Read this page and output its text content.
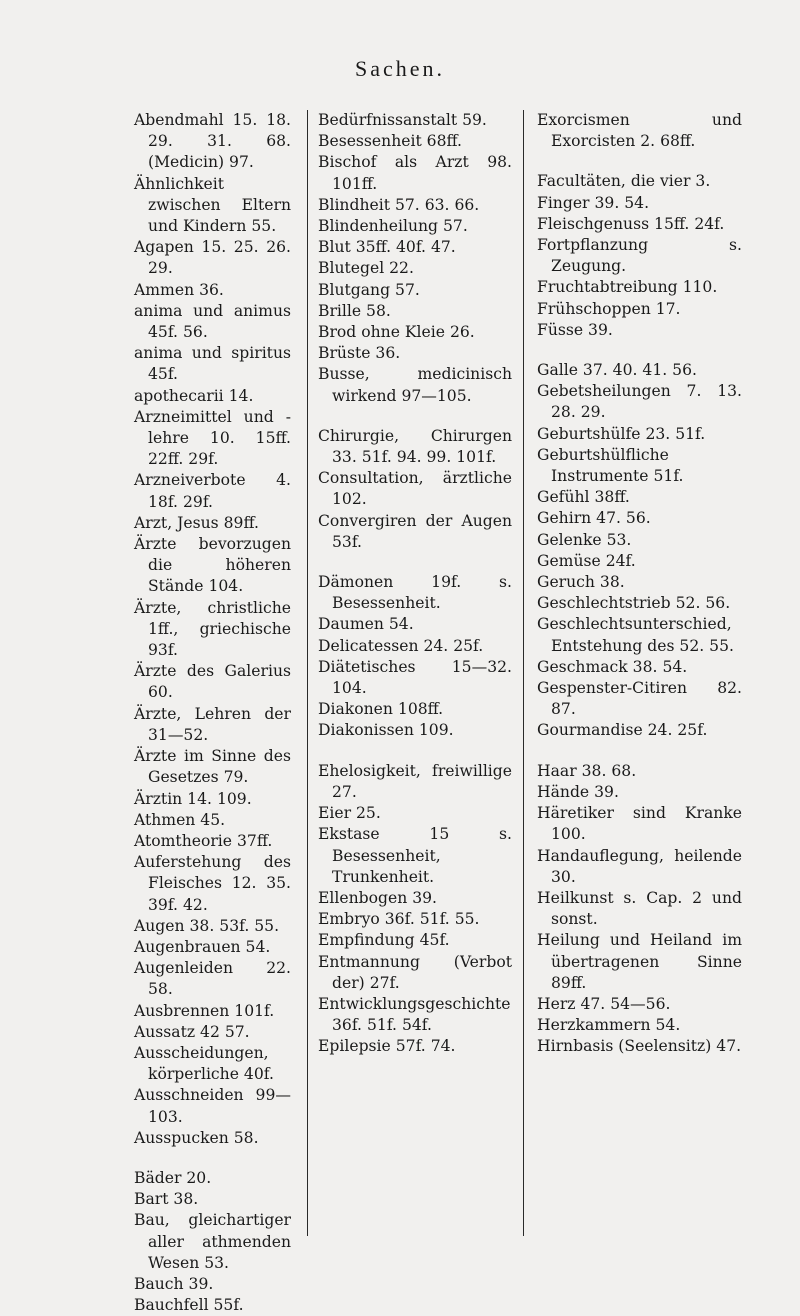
Sachen.
Abendmahl 15. 18. 29. 31. 68. (Medicin) 97.
Ähnlichkeit zwischen Eltern und Kindern 55.
Agapen 15. 25. 26. 29.
Ammen 36.
anima und animus 45f. 56.
anima und spiritus 45f.
apothecarii 14.
Arzneimittel und -lehre 10. 15ff. 22ff. 29f.
Arzneiverbote 4. 18f. 29f.
Arzt, Jesus 89ff.
Ärzte bevorzugen die höheren Stände 104.
Ärzte, christliche 1ff., griechische 93f.
Ärzte des Galerius 60.
Ärzte, Lehren der 31—52.
Ärzte im Sinne des Gesetzes 79.
Ärztin 14. 109.
Athmen 45.
Atomtheorie 37ff.
Auferstehung des Fleisches 12. 35. 39f. 42.
Augen 38. 53f. 55.
Augenbrauen 54.
Augenleiden 22. 58.
Ausbrennen 101f.
Aussatz 42 57.
Ausscheidungen, körperliche 40f.
Ausschneiden 99—103.
Ausspucken 58.
Bäder 20.
Bart 38.
Bau, gleichartiger aller athmenden Wesen 53.
Bauch 39.
Bauchfell 55f.
Bedürfnissanstalt 59.
Besessenheit 68ff.
Bischof als Arzt 98. 101ff.
Blindheit 57. 63. 66.
Blindenheilung 57.
Blut 35ff. 40f. 47.
Blutegel 22.
Blutgang 57.
Brille 58.
Brod ohne Kleie 26.
Brüste 36.
Busse, medicinisch wirkend 97—105.
Chirurgie, Chirurgen 33. 51f. 94. 99. 101f.
Consultation, ärztliche 102.
Convergiren der Augen 53f.
Dämonen 19f. s. Besessenheit.
Daumen 54.
Delicatessen 24. 25f.
Diätetisches 15—32. 104.
Diakonen 108ff.
Diakonissen 109.
Ehelosigkeit, freiwillige 27.
Eier 25.
Ekstase 15 s. Besessenheit, Trunkenheit.
Ellenbogen 39.
Embryo 36f. 51f. 55.
Empfindung 45f.
Entmannung (Verbot der) 27f.
Entwicklungsgeschichte 36f. 51f. 54f.
Epilepsie 57f. 74.
Exorcismen und Exorcisten 2. 68ff.
Facultäten, die vier 3.
Finger 39. 54.
Fleischgenuss 15ff. 24f.
Fortpflanzung s. Zeugung.
Fruchtabtreibung 110.
Frühschoppen 17.
Füsse 39.
Galle 37. 40. 41. 56.
Gebetsheilungen 7. 13. 28. 29.
Geburtshülfe 23. 51f.
Geburtshülfliche Instrumente 51f.
Gefühl 38ff.
Gehirn 47. 56.
Gelenke 53.
Gemüse 24f.
Geruch 38.
Geschlechtstrieb 52. 56.
Geschlechtsunterschied, Entstehung des 52. 55.
Geschmack 38. 54.
Gespenster-Citiren 82. 87.
Gourmandise 24. 25f.
Haar 38. 68.
Hände 39.
Häretiker sind Kranke 100.
Handauflegung, heilende 30.
Heilkunst s. Cap. 2 und sonst.
Heilung und Heiland im übertragenen Sinne 89ff.
Herz 47. 54—56.
Herzkammern 54.
Hirnbasis (Seelensitz) 47.
